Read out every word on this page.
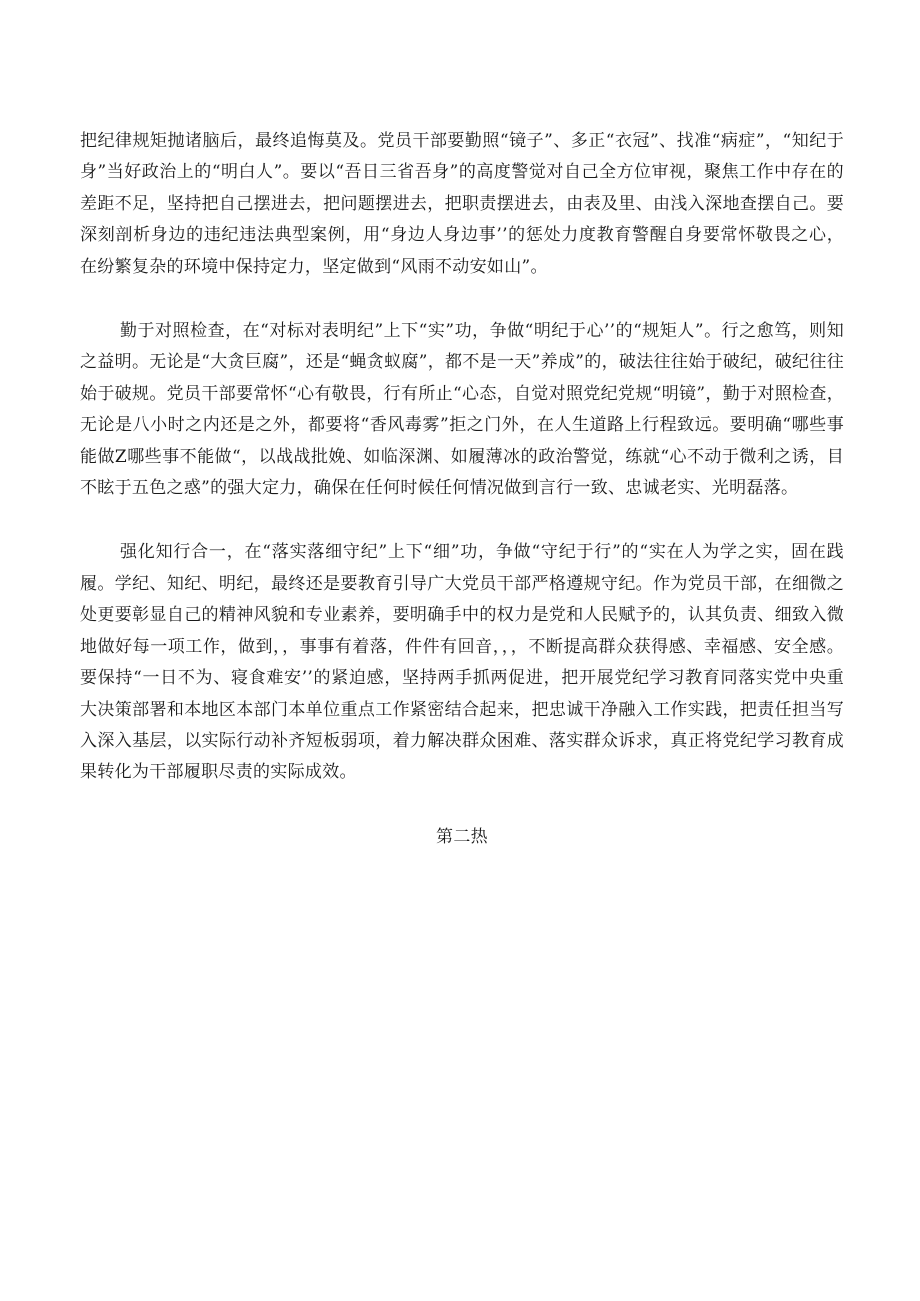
把纪律规矩抛诸脑后，最终追悔莫及。党员干部要勤照“镜子”、多正“衣冠”、找准“病症”，“知纪于身”当好政治上的“明白人”。要以“吾日三省吾身”的高度警觉对自己全方位审视，聚焦工作中存在的差距不足，坚持把自己摆进去，把问题摆进去，把职责摆进去，由表及里、由浅入深地查摆自己。要深刻剖析身边的违纪违法典型案例，用“身边人身边事’’的惩处力度教育警醒自身要常怀敬畏之心，在纷繁复杂的环境中保持定力，坚定做到“风雨不动安如山”。

勤于对照检查，在“对标对表明纪”上下“实”功，争做“明纪于心’’的“规矩人”。行之愈笃，则知之益明。无论是“大贪巨腐”，还是“蝇贪蚁腐”，都不是一天”养成”的，破法往往始于破纪，破纪往往始于破规。党员干部要常怀“心有敬畏，行有所止“心态，自觉对照党纪党规“明镜”，勤于对照检查，无论是八小时之内还是之外，都要将“香风毒雾”拒之门外，在人生道路上行程致远。要明确“哪些事能做Z哪些事不能做“，以战战批娩、如临深渊、如履薄冰的政治警觉，练就“心不动于微利之诱，目不眩于五色之惑”的强大定力，确保在任何时候任何情况做到言行一致、忠诚老实、光明磊落。

强化知行合一，在“落实落细守纪”上下“细”功，争做“守纪于行”的“实在人为学之实，固在践履。学纪、知纪、明纪，最终还是要教育引导广大党员干部严格遵规守纪。作为党员干部，在细微之处更要彰显自己的精神风貌和专业素养，要明确手中的权力是党和人民赋予的，认其负责、细致入微地做好每一项工作，做到，，事事有着落，件件有回音，，，不断提高群众获得感、幸福感、安全感。要保持“一日不为、寝食难安’’的紧迫感，坚持两手抓两促进，把开展党纪学习教育同落实党中央重大决策部署和本地区本部门本单位重点工作紧密结合起来，把忠诚干净融入工作实践，把责任担当写入深入基层，以实际行动补齐短板弱项，着力解决群众困难、落实群众诉求，真正将党纪学习教育成果转化为干部履职尽责的实际成效。

第二热
